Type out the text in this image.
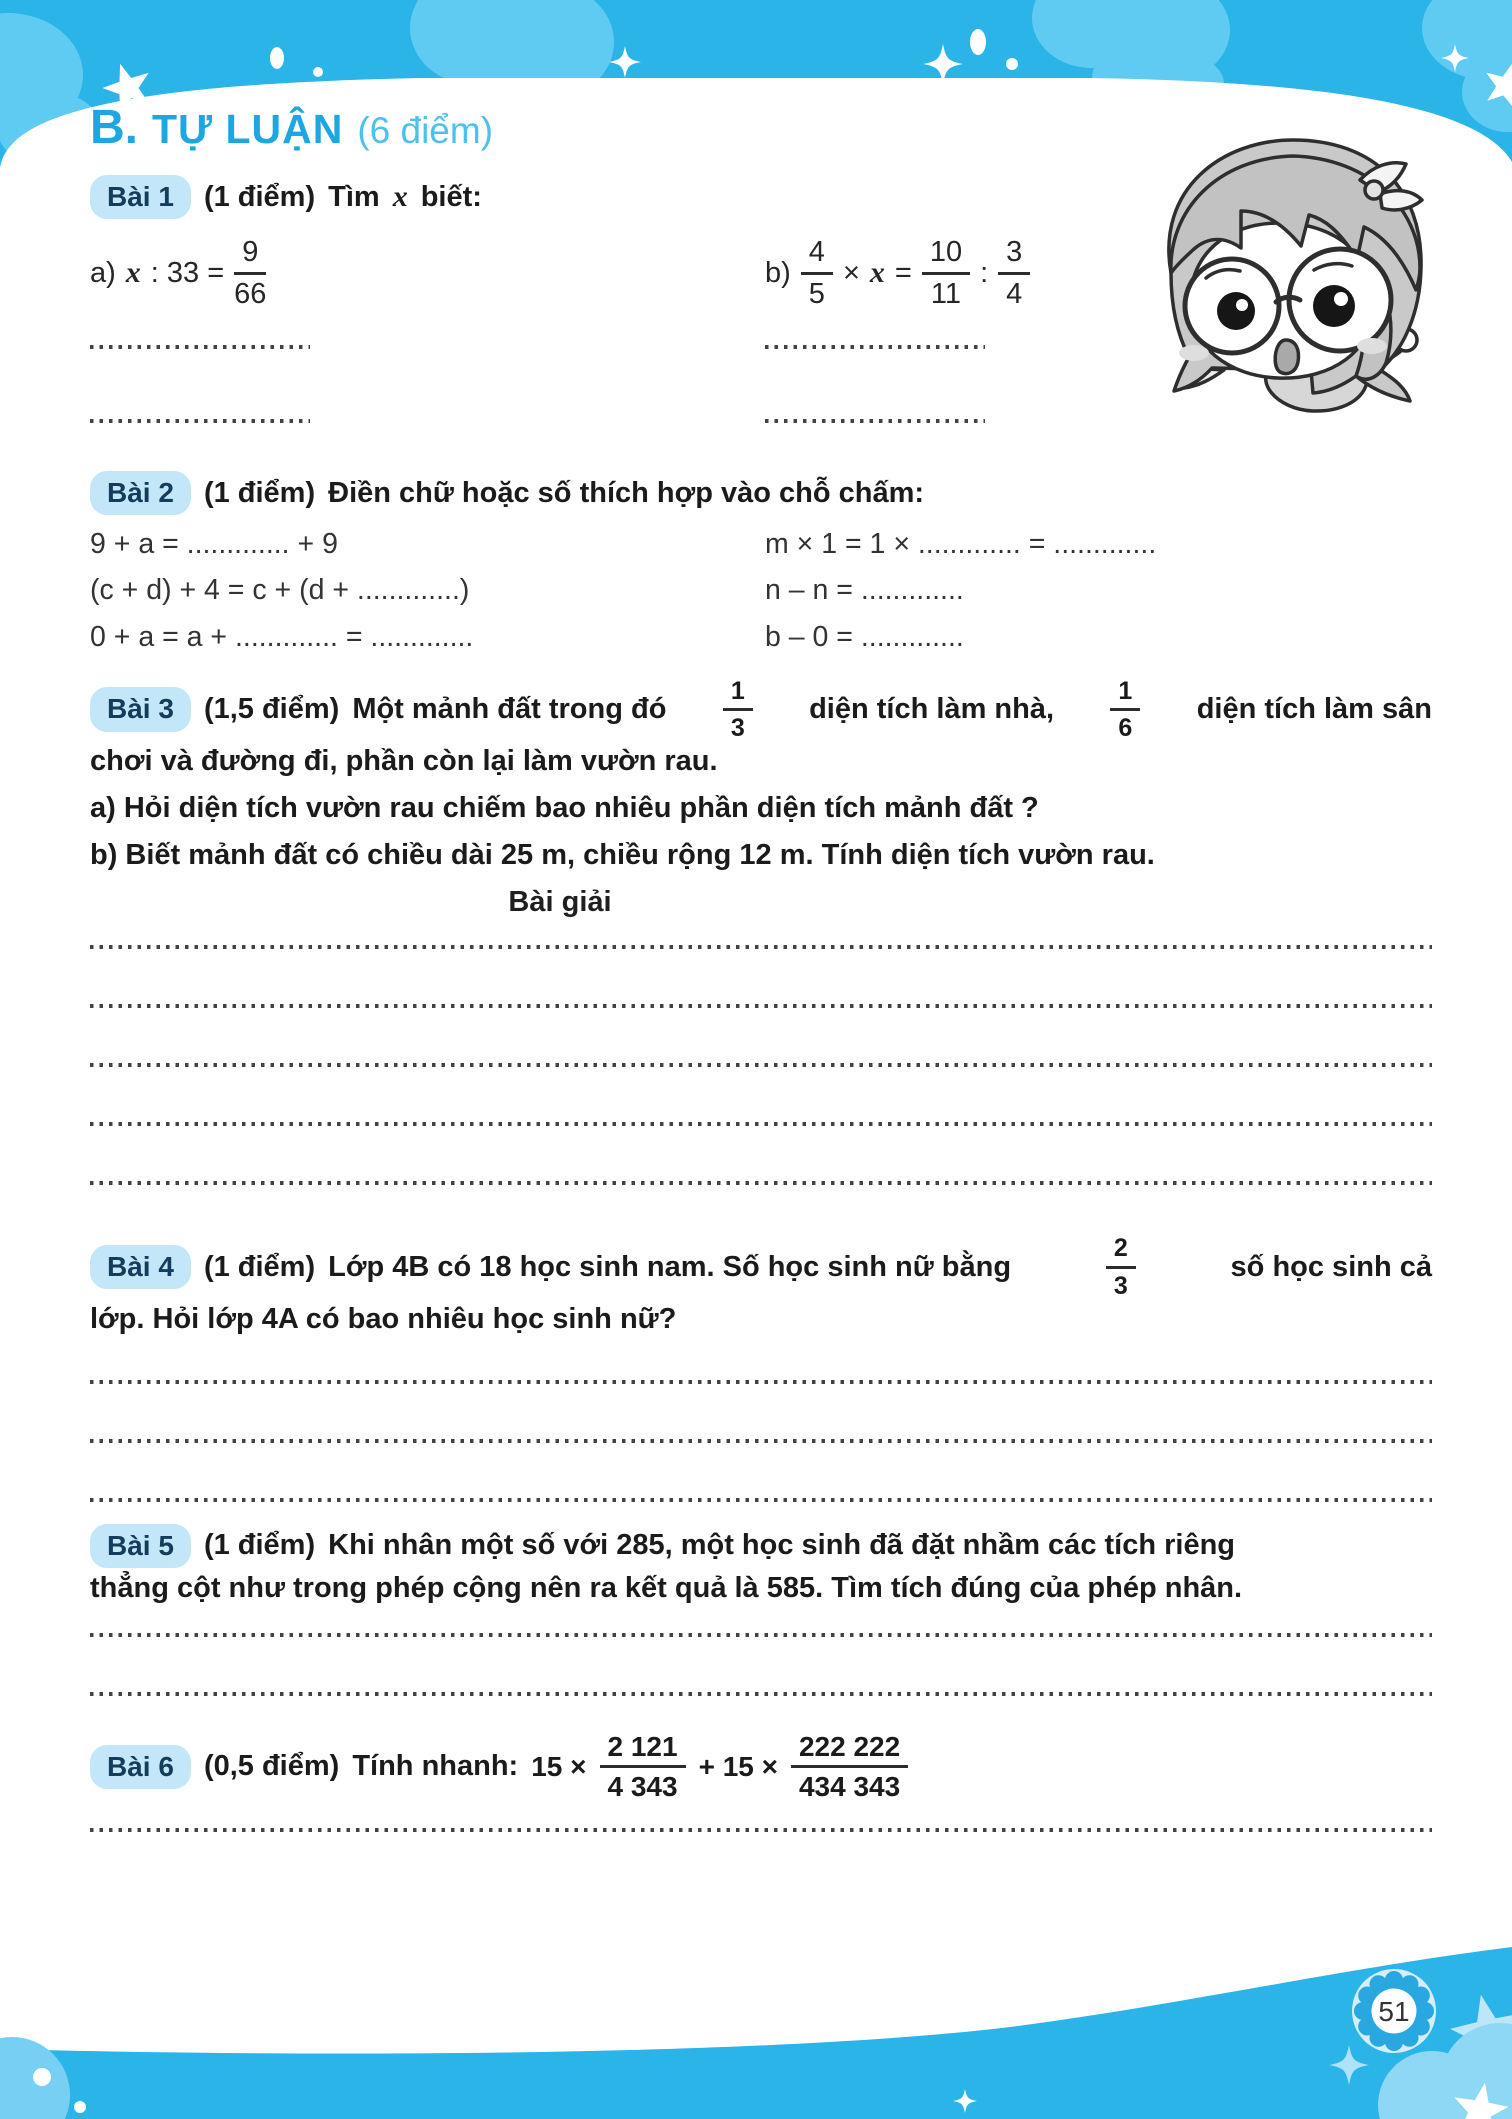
B. TỰ LUẬN (6 điểm)
Bài 1	(1 điểm) Tìm x biết:
a) x : $33 = \frac{9}{66}$	$b) \frac{4}{5} \times x = \frac{10}{11}$ : $\frac{3}{4}$
Bài 2	(1 điểm) Điền chữ hoặc số thích hợp vào chỗ chấm:
9 + a = ............. + 9	m × 1 = 1 × ............. = .............
(c + d) + 4 = c + (d + .............)	n – n = .............
0 + a = a + ............. = .............	b – 0 = .............
Bài 3	(1,5 điểm) Một mảnh đất trong đó $\frac{1}{3}$ diện tích làm nhà, $\frac{1}{6}$ diện tích làm sân
chơi và đường đi, phần còn lại làm vườn rau.
a) Hỏi diện tích vườn rau chiếm bao nhiêu phần diện tích mảnh đất ?
b) Biết mảnh đất có chiều dài 25 m, chiều rộng 12 m. Tính diện tích vườn rau.
Bài giải
Bài 4	(1 điểm) Lớp 4B có 18 học sinh nam. Số học sinh nữ bằng	$\frac{2}{3}$	số học sinh cả
lớp. Hỏi lớp 4A có bao nhiêu học sinh nữ?
Bài 5	(1 điểm) Khi nhân một số với 285, một học sinh đã đặt nhầm các tích riêng
thẳng cột như trong phép cộng nên ra kết quả là 585. Tìm tích đúng của phép nhân.
Bài 6	(0,5 điểm) Tính nhanh: $15 \times \frac{2 121}{4 343} + 15 \times \frac{222 222}{434 343}$
51
